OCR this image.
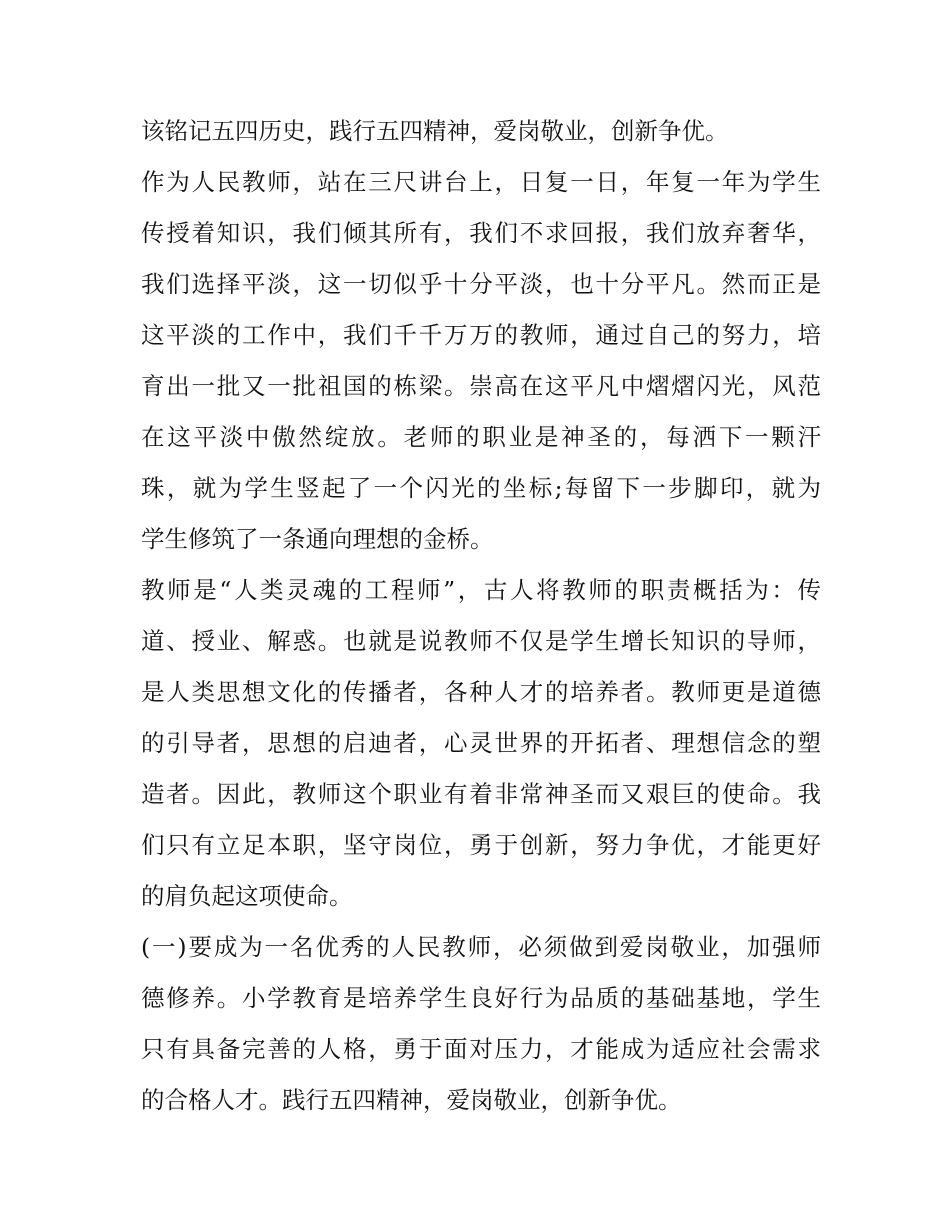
该铭记五四历史，践行五四精神，爱岗敬业，创新争优。
作为人民教师，站在三尺讲台上，日复一日，年复一年为学生
传授着知识，我们倾其所有，我们不求回报，我们放弃奢华，
我们选择平淡，这一切似乎十分平淡，也十分平凡。然而正是
这平淡的工作中，我们千千万万的教师，通过自己的努力，培
育出一批又一批祖国的栋梁。崇高在这平凡中熠熠闪光，风范
在这平淡中傲然绽放。老师的职业是神圣的，每洒下一颗汗
珠，就为学生竖起了一个闪光的坐标;每留下一步脚印，就为
学生修筑了一条通向理想的金桥。
教师是“人类灵魂的工程师”，古人将教师的职责概括为：传
道、授业、解惑。也就是说教师不仅是学生增长知识的导师，
是人类思想文化的传播者，各种人才的培养者。教师更是道德
的引导者，思想的启迪者，心灵世界的开拓者、理想信念的塑
造者。因此，教师这个职业有着非常神圣而又艰巨的使命。我
们只有立足本职，坚守岗位，勇于创新，努力争优，才能更好
的肩负起这项使命。
(一)要成为一名优秀的人民教师，必须做到爱岗敬业，加强师
德修养。小学教育是培养学生良好行为品质的基础基地，学生
只有具备完善的人格，勇于面对压力，才能成为适应社会需求
的合格人才。践行五四精神，爱岗敬业，创新争优。
